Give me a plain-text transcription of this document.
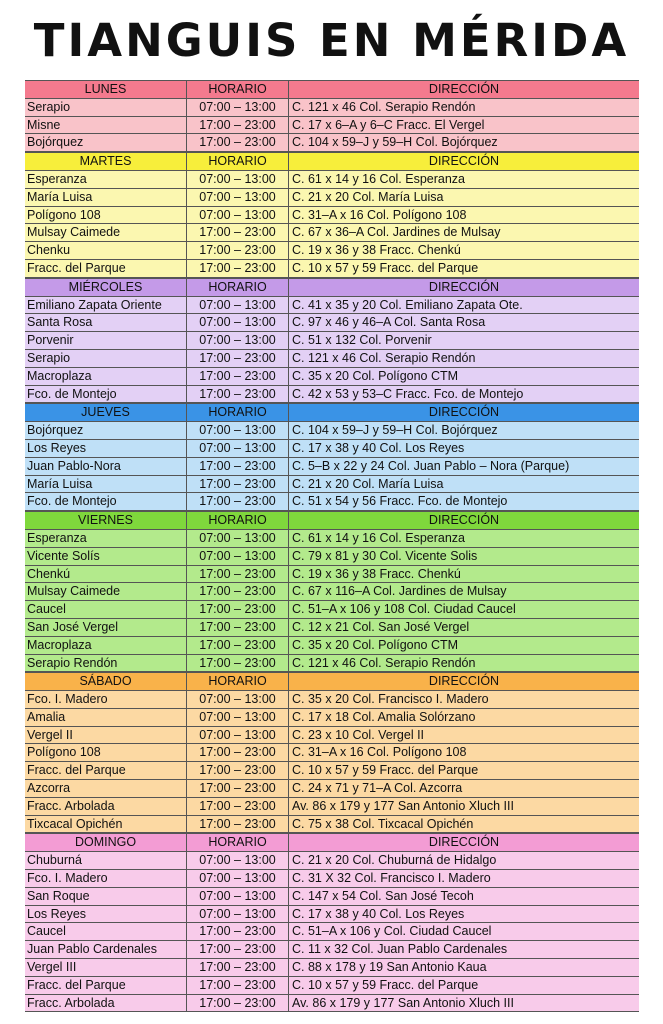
TIANGUIS EN MÉRIDA
LUNES	HORARIO	DIRECCIÓN
Serapio	07:00 – 13:00	C. 121 x 46 Col. Serapio Rendón
Misne	17:00 – 23:00	C. 17 x 6–A y 6–C Fracc. El Vergel
Bojórquez	17:00 – 23:00	C. 104 x 59–J y 59–H Col. Bojórquez
MARTES	HORARIO	DIRECCIÓN
Esperanza	07:00 – 13:00	C. 61 x 14 y 16 Col. Esperanza
María Luisa	07:00 – 13:00	C. 21 x 20 Col. María Luisa
Polígono 108	07:00 – 13:00	C. 31–A x 16 Col. Polígono 108
Mulsay Caimede	17:00 – 23:00	C. 67 x 36–A Col. Jardines de Mulsay
Chenku	17:00 – 23:00	C. 19 x 36 y 38 Fracc. Chenkú
Fracc. del Parque	17:00 – 23:00	C. 10 x 57 y 59 Fracc. del Parque
MIÉRCOLES	HORARIO	DIRECCIÓN
Emiliano Zapata Oriente	07:00 – 13:00	C. 41 x 35 y 20 Col. Emiliano Zapata Ote.
Santa Rosa	07:00 – 13:00	C. 97 x 46 y 46–A Col. Santa Rosa
Porvenir	07:00 – 13:00	C. 51 x 132 Col. Porvenir
Serapio	17:00 – 23:00	C. 121 x 46 Col. Serapio Rendón
Macroplaza	17:00 – 23:00	C. 35 x 20 Col. Polígono CTM
Fco. de Montejo	17:00 – 23:00	C. 42 x 53 y 53–C Fracc. Fco. de Montejo
JUEVES	HORARIO	DIRECCIÓN
Bojórquez	07:00 – 13:00	C. 104 x 59–J y 59–H Col. Bojórquez
Los Reyes	07:00 – 13:00	C. 17 x 38 y 40 Col. Los Reyes
Juan Pablo-Nora	17:00 – 23:00	C. 5–B x 22 y 24 Col. Juan Pablo – Nora (Parque)
María Luisa	17:00 – 23:00	C. 21 x 20 Col. María Luisa
Fco. de Montejo	17:00 – 23:00	C. 51 x 54 y 56 Fracc. Fco. de Montejo
VIERNES	HORARIO	DIRECCIÓN
Esperanza	07:00 – 13:00	C. 61 x 14 y 16 Col. Esperanza
Vicente Solís	07:00 – 13:00	C. 79 x 81 y 30 Col. Vicente Solis
Chenkú	17:00 – 23:00	C. 19 x 36 y 38 Fracc. Chenkú
Mulsay Caimede	17:00 – 23:00	C. 67 x 116–A Col. Jardines de Mulsay
Caucel	17:00 – 23:00	C. 51–A x 106 y 108 Col. Ciudad Caucel
San José Vergel	17:00 – 23:00	C. 12 x 21 Col. San José Vergel
Macroplaza	17:00 – 23:00	C. 35 x 20 Col. Polígono CTM
Serapio Rendón	17:00 – 23:00	C. 121 x 46 Col. Serapio Rendón
SÁBADO	HORARIO	DIRECCIÓN
Fco. I. Madero	07:00 – 13:00	C. 35 x 20 Col. Francisco I. Madero
Amalia	07:00 – 13:00	C. 17 x 18 Col. Amalia Solórzano
Vergel II	07:00 – 13:00	C. 23 x 10 Col. Vergel II
Polígono 108	17:00 – 23:00	C. 31–A x 16 Col. Polígono 108
Fracc. del Parque	17:00 – 23:00	C. 10 x 57 y 59 Fracc. del Parque
Azcorra	17:00 – 23:00	C. 24 x 71 y 71–A Col. Azcorra
Fracc. Arbolada	17:00 – 23:00	Av. 86 x 179 y 177 San Antonio Xluch III
Tixcacal Opichén	17:00 – 23:00	C. 75 x 38 Col. Tixcacal Opichén
DOMINGO	HORARIO	DIRECCIÓN
Chuburná	07:00 – 13:00	C. 21 x 20 Col. Chuburná de Hidalgo
Fco. I. Madero	07:00 – 13:00	C. 31 X 32 Col. Francisco I. Madero
San Roque	07:00 – 13:00	C. 147 x 54 Col. San José Tecoh
Los Reyes	07:00 – 13:00	C. 17 x 38 y 40 Col. Los Reyes
Caucel	17:00 – 23:00	C. 51–A x 106 y Col. Ciudad Caucel
Juan Pablo Cardenales	17:00 – 23:00	C. 11 x 32 Col. Juan Pablo Cardenales
Vergel III	17:00 – 23:00	C. 88 x 178 y 19 San Antonio Kaua
Fracc. del Parque	17:00 – 23:00	C. 10 x 57 y 59 Fracc. del Parque
Fracc. Arbolada	17:00 – 23:00	Av. 86 x 179 y 177 San Antonio Xluch III
